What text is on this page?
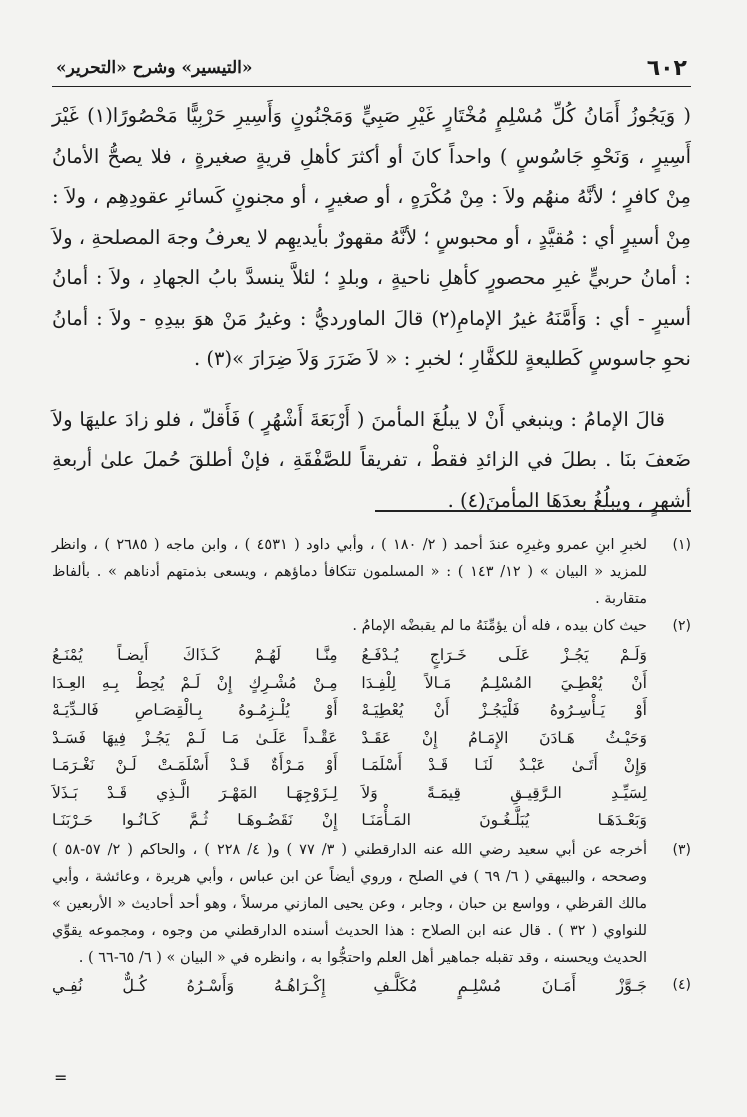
٦٠٢
«التيسير» وشرح «التحرير»

( وَيَجُوزُ أَمَانُ كُلِّ مُسْلِمٍ مُخْتَارٍ غَيْرِ صَبِيٍّ وَمَجْنُونٍ وَأَسِيرِ حَرْبِيًّا مَحْصُورًا(١) غَيْرَ أَسِيرٍ ، وَنَحْوِ جَاسُوسٍ ) واحداً كانَ أو أكثرَ كأهلِ قريةٍ صغيرةٍ ، فلا يصحُّ الأمانُ مِنْ كافرٍ ؛ لأنَّهُ منهُم ولاَ : مِنْ مُكْرَهٍ ، أو صغيرٍ ، أو مجنونٍ كَسائرِ عقودِهِم ، ولاَ : مِنْ أسيرٍ أي : مُقيَّدٍ ، أو محبوسٍ ؛ لأنَّهُ مقهورٌ بأيديهِم لا يعرفُ وجهَ المصلحةِ ، ولاَ : أمانُ حربيٍّ غيرِ محصورٍ كأهلِ ناحيةٍ ، وبلدٍ ؛ لئلاَّ ينسدَّ بابُ الجهادِ ، ولاَ : أمانُ أسيرٍ - أي : وَأَمَّنَهُ غيرُ الإمامِ(٢) قالَ الماورديُّ : وغيرُ مَنْ هوَ بيدِهِ - ولاَ : أمانُ نحوِ جاسوسٍ كَطليعةٍ للكفَّارِ ؛ لخبرِ : « لاَ ضَرَرَ وَلاَ ضِرَارَ »(٣) .

قالَ الإمامُ : وينبغي أَنْ لا يبلُغَ المأمنَ ( أَرْبَعَةَ أَشْهُرٍ ) فَأَقلّ ، فلو زادَ عليهَا ولاَ ضَعفَ بنَا . بطلَ في الزائدِ فقطْ ، تفريقاً للصَّفْقَةِ ، فإنْ أطلقَ حُملَ علىٰ أربعةِ أشهرٍ ، ويبلُغُ بعدَهَا المأمنَ(٤) .

(١)
لخبرِ ابنِ عمرو وغيرِه عندَ أحمد ( ٢/ ١٨٠ ) ، وأبي داود ( ٤٥٣١ ) ، وابن ماجه ( ٢٦٨٥ ) ، وانظر للمزيد « البيان » ( ١٢/ ١٤٣ ) : « المسلمون تتكافأ دماؤهم ، ويسعى بذمتهم أدناهم » . بألفاظ متقاربة .
(٢)
حيث كان بيده ، فله أن يؤمِّنَهُ ما لم يقبضْه الإمامُ .
وَلَـمْ يَجُـزْ عَلَـى خَـرَاجٍ يُـدْفَـعُ
مِنَّـا لَهُـمْ كَـذَاكَ أَيضـاً يُمْنَـعُ
أَنْ يُعْطِـيَ المُسْلِـمُ مَـالاً لِلْفِـدَا
مِـنْ مُشْـرِكٍ إِنْ لَـمْ يُحِطْ بِـهِ العِـدَا
أَوْ يَـأْسِـرُوهُ فَلْيَجُـزْ أَنْ يُعْطِيَـهْ
أَوْ يُلْـزِمُـوهُ بِـالْقِصَـاصِ فَالـدِّيَـهْ
وَحَيْـثُ هَـادَنَ الإِمَـامُ إِنْ عَقَـدْ
عَقْـداً عَلَـىٰ مَـا لَـمْ يَجُـزْ فِيهَا فَسَـدْ
وَإِنْ أَتَـىٰ عَبْـدٌ لَنَـا قَـدْ أَسْلَمَـا
أَوْ مَـرْأَةٌ قَـدْ أَسْلَمَـتْ لَـنْ نَغْـرَمَـا
لِسَيِّـدِ الـرَّقِيـقِ قِيمَـةً وَلاَ
لِـزَوْجِهَـا المَهْـرَ الَّـذِي قَـدْ بَـذَلاَ
وَبَعْـدَهَـا يُبَلَّـغُـونَ المَـأْمَنَـا
إِنْ نَقَضُـوهَـا ثُـمَّ كَـانُـوا حَـرْبَنَـا
(٣)
أخرجه عن أبي سعيد رضي الله عنه الدارقطني ( ٣/ ٧٧ ) و( ٤/ ٢٢٨ ) ، والحاكم ( ٢/ ٥٧-٥٨ ) وصححه ، والبيهقي ( ٦/ ٦٩ ) في الصلح ، وروي أيضاً عن ابن عباس ، وأبي هريرة ، وعائشة ، وأبي مالك القرظي ، وواسع بن حبان ، وجابر ، وعن يحيى المازني مرسلاً ، وهو أحد أحاديث « الأربعين » للنواوي ( ٣٢ ) . قال عنه ابن الصلاح : هذا الحديث أسنده الدارقطني من وجوه ، ومجموعه يقوِّي الحديث ويحسنه ، وقد تقبله جماهير أهل العلم واحتجُّوا به ، وانظره في « البيان » ( ٦/ ٦٥-٦٦ ) .
(٤)
جَـوَّزْ أَمَـانَ مُسْلِـمٍ مُكَلَّـفِ
إِكْـرَاهُـهُ وَأَسْـرُهُ كُـلٌّ نُفِـي
=
